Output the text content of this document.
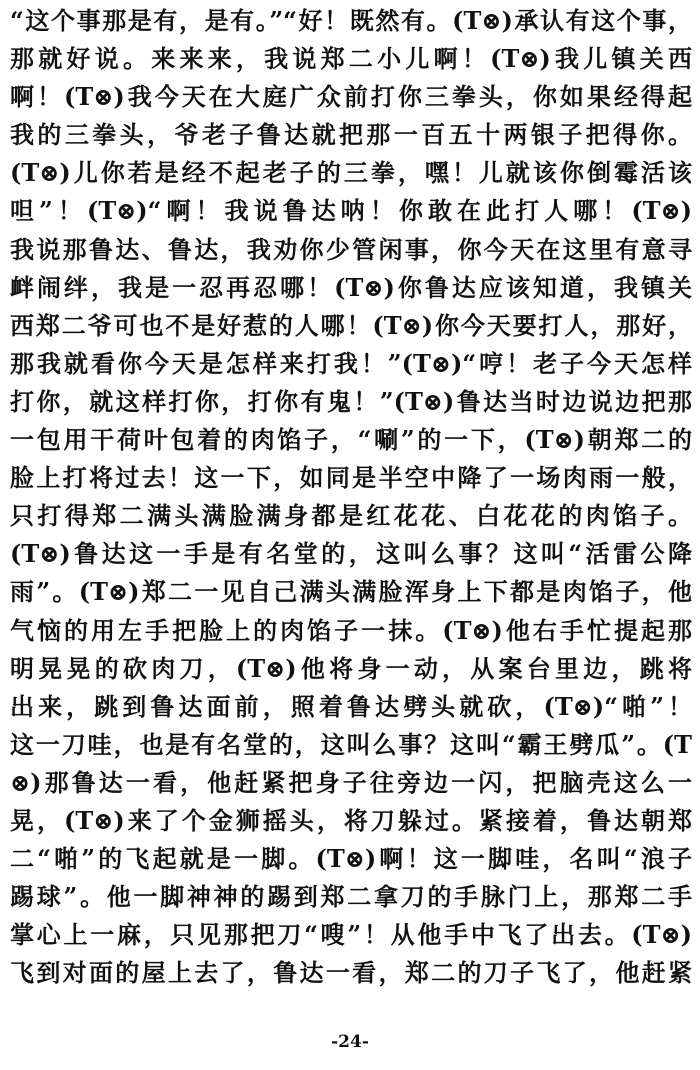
“这个事那是有，是有。”“好！既然有。(T⊗)承认有这个事，
那就好说。来来来，我说郑二小儿啊！(T⊗)我儿镇关西
啊！(T⊗)我今天在大庭广众前打你三拳头，你如果经得起
我的三拳头，爷老子鲁达就把那一百五十两银子把得你。
(T⊗)儿你若是经不起老子的三拳，嘿！儿就该你倒霉活该
呾”！(T⊗)“啊！我说鲁达呐！你敢在此打人哪！(T⊗)
我说那鲁达、鲁达，我劝你少管闲事，你今天在这里有意寻
衅闹绊，我是一忍再忍哪！(T⊗)你鲁达应该知道，我镇关
西郑二爷可也不是好惹的人哪！(T⊗)你今天要打人，那好，
那我就看你今天是怎样来打我！”(T⊗)“哼！老子今天怎样
打你，就这样打你，打你有鬼！”(T⊗)鲁达当时边说边把那
一包用干荷叶包着的肉馅子，“唰”的一下，(T⊗)朝郑二的
脸上打将过去！这一下，如同是半空中降了一场肉雨一般，
只打得郑二满头满脸满身都是红花花、白花花的肉馅子。
(T⊗)鲁达这一手是有名堂的，这叫么事？这叫“活雷公降
雨”。(T⊗)郑二一见自己满头满脸浑身上下都是肉馅子，他
气恼的用左手把脸上的肉馅子一抹。(T⊗)他右手忙提起那
明晃晃的砍肉刀，(T⊗)他将身一动，从案台里边，跳将
出来，跳到鲁达面前，照着鲁达劈头就砍，(T⊗)“啪”！
这一刀哇，也是有名堂的，这叫么事？这叫“霸王劈瓜”。(T
⊗)那鲁达一看，他赶紧把身子往旁边一闪，把脑壳这么一
晃，(T⊗)来了个金狮摇头，将刀躲过。紧接着，鲁达朝郑
二“啪”的飞起就是一脚。(T⊗)啊！这一脚哇，名叫“浪子
踢球”。他一脚神神的踢到郑二拿刀的手脉门上，那郑二手
掌心上一麻，只见那把刀“嗖”！从他手中飞了出去。(T⊗)
飞到对面的屋上去了，鲁达一看，郑二的刀子飞了，他赶紧
-24-
